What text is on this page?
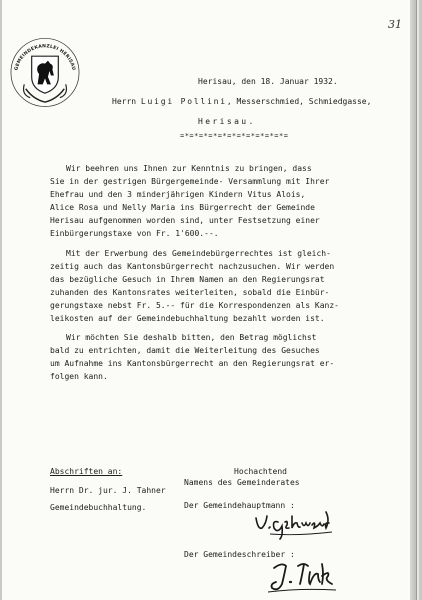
31
GEMEINDEKANZLEI HERISAU
Herisau, den 18. Januar 1932.
Herrn Luigi Pollini, Messerschmied, Schmiedgasse,
Herisau.
=*=*=*=*=*=*=*=*=*=*=*=

Wir beehren uns Ihnen zur Kenntnis zu bringen, dass

Sie in der gestrigen Bürgergemeinde- Versammlung mit Ihrer

Ehefrau und den 3 minderjährigen Kindern Vitus Alois,

Alice Rosa und Nelly Maria ins Bürgerrecht der Gemeinde

Herisau aufgenommen worden sind, unter Festsetzung einer

Einbürgerungstaxe von Fr. 1'600.--.

Mit der Erwerbung des Gemeindebürgerrechtes ist gleich-

zeitig auch das Kantonsbürgerrecht nachzusuchen. Wir werden

das bezügliche Gesuch in Ihrem Namen an den Regierungsrat

zuhanden des Kantonsrates weiterleiten, sobald die Einbür-

gerungstaxe nebst Fr. 5.-- für die Korrespondenzen als Kanz-

leikosten auf der Gemeindebuchhaltung bezahlt worden ist.

Wir möchten Sie deshalb bitten, den Betrag möglichst

bald zu entrichten, damit die Weiterleitung des Gesuches

um Aufnahme ins Kantonsbürgerrecht an den Regierungsrat er-

folgen kann.

Hochachtend
Namens des Gemeinderates
Der Gemeindehauptmann :
Der Gemeindeschreiber :
Abschriften an:
Herrn Dr. jur. J. Tahner
Gemeindebuchhaltung.
